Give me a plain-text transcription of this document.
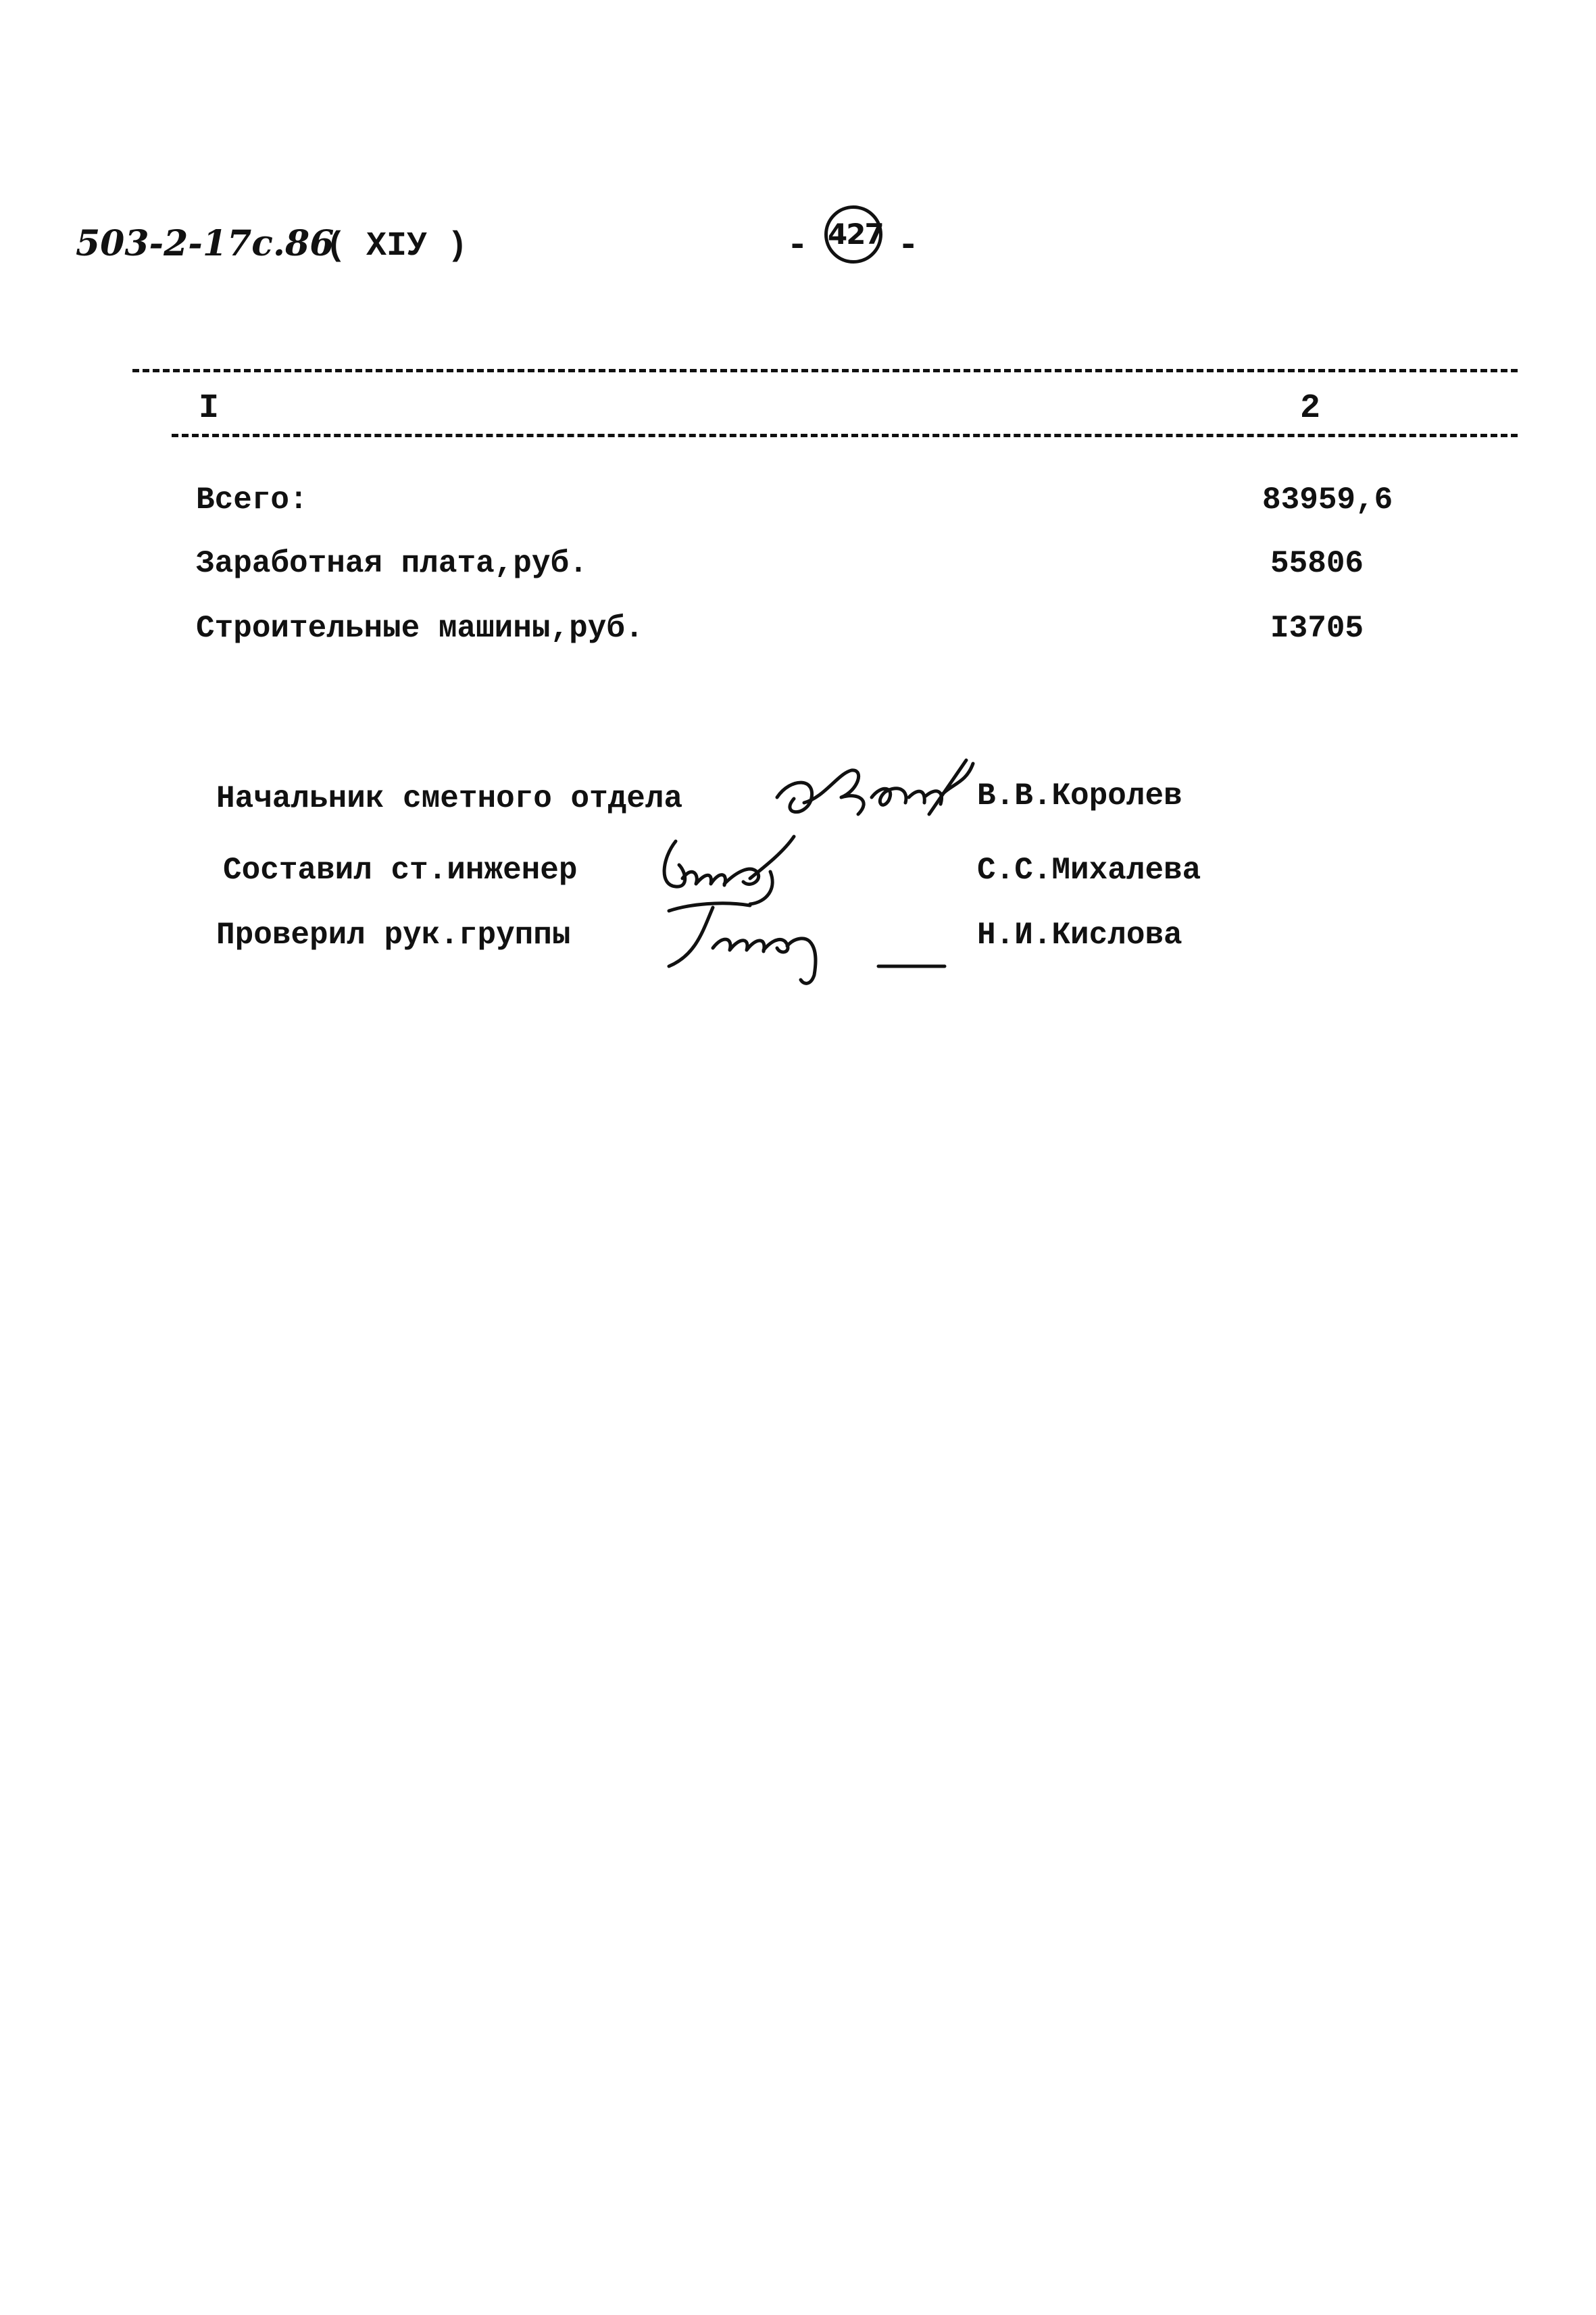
503-2-17с.86
( XIУ )	- 427 -
I	2
Всего:	83959,6
Заработная плата,руб.	55806
Строительные машины,руб.	I3705
Начальник сметного отдела	В.В.Королев
Составил ст.инженер	С.С.Михалева
Проверил рук.группы	Н.И.Кислова
